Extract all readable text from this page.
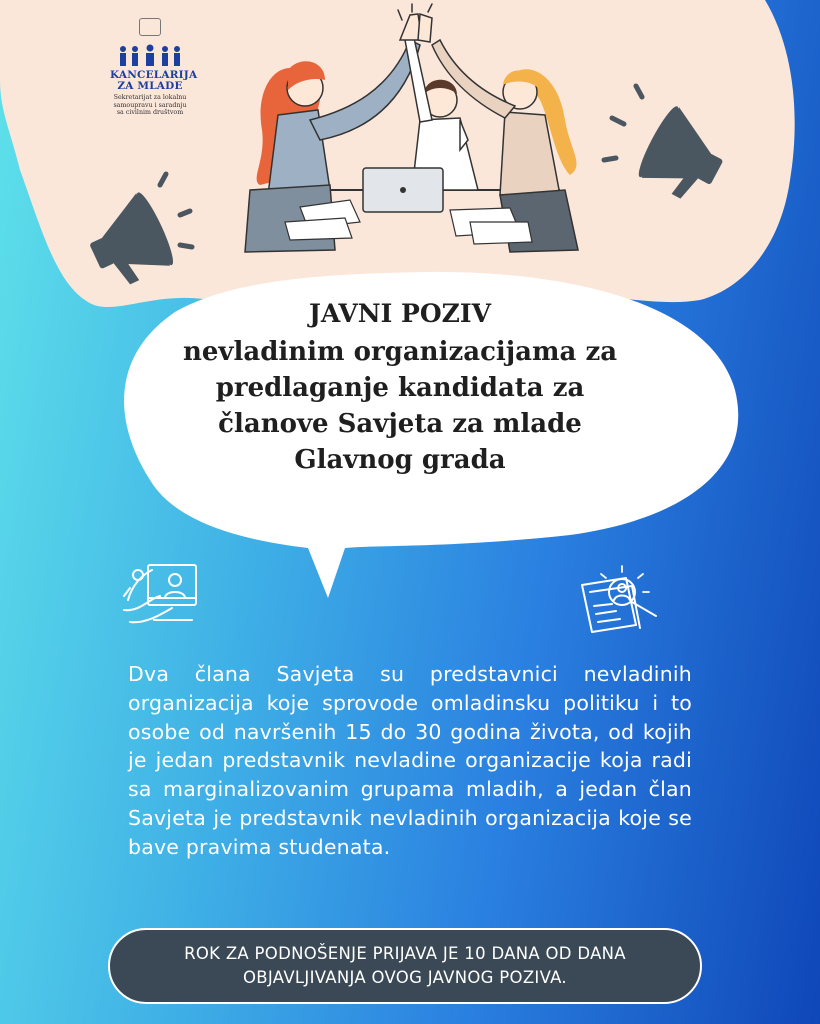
KANCELARIJA
ZA MLADE
Sekretarijat za lokalnu
samoupravu i saradnju
sa civilnim društvom
JAVNI POZIV
nevladinim organizacijama za
predlaganje kandidata za
članove Savjeta za mlade
Glavnog grada
Dva člana Savjeta su predstavnici nevladinih organizacija koje sprovode omladinsku politiku i to osobe od navršenih 15 do 30 godina života, od kojih je jedan predstavnik nevladine organizacije koja radi sa marginalizovanim grupama mladih, a jedan član Savjeta je predstavnik nevladinih organizacija koje se bave pravima studenata.
ROK ZA PODNOŠENJE PRIJAVA JE 10 DANA OD DANA
OBJAVLJIVANJA OVOG JAVNOG POZIVA.
